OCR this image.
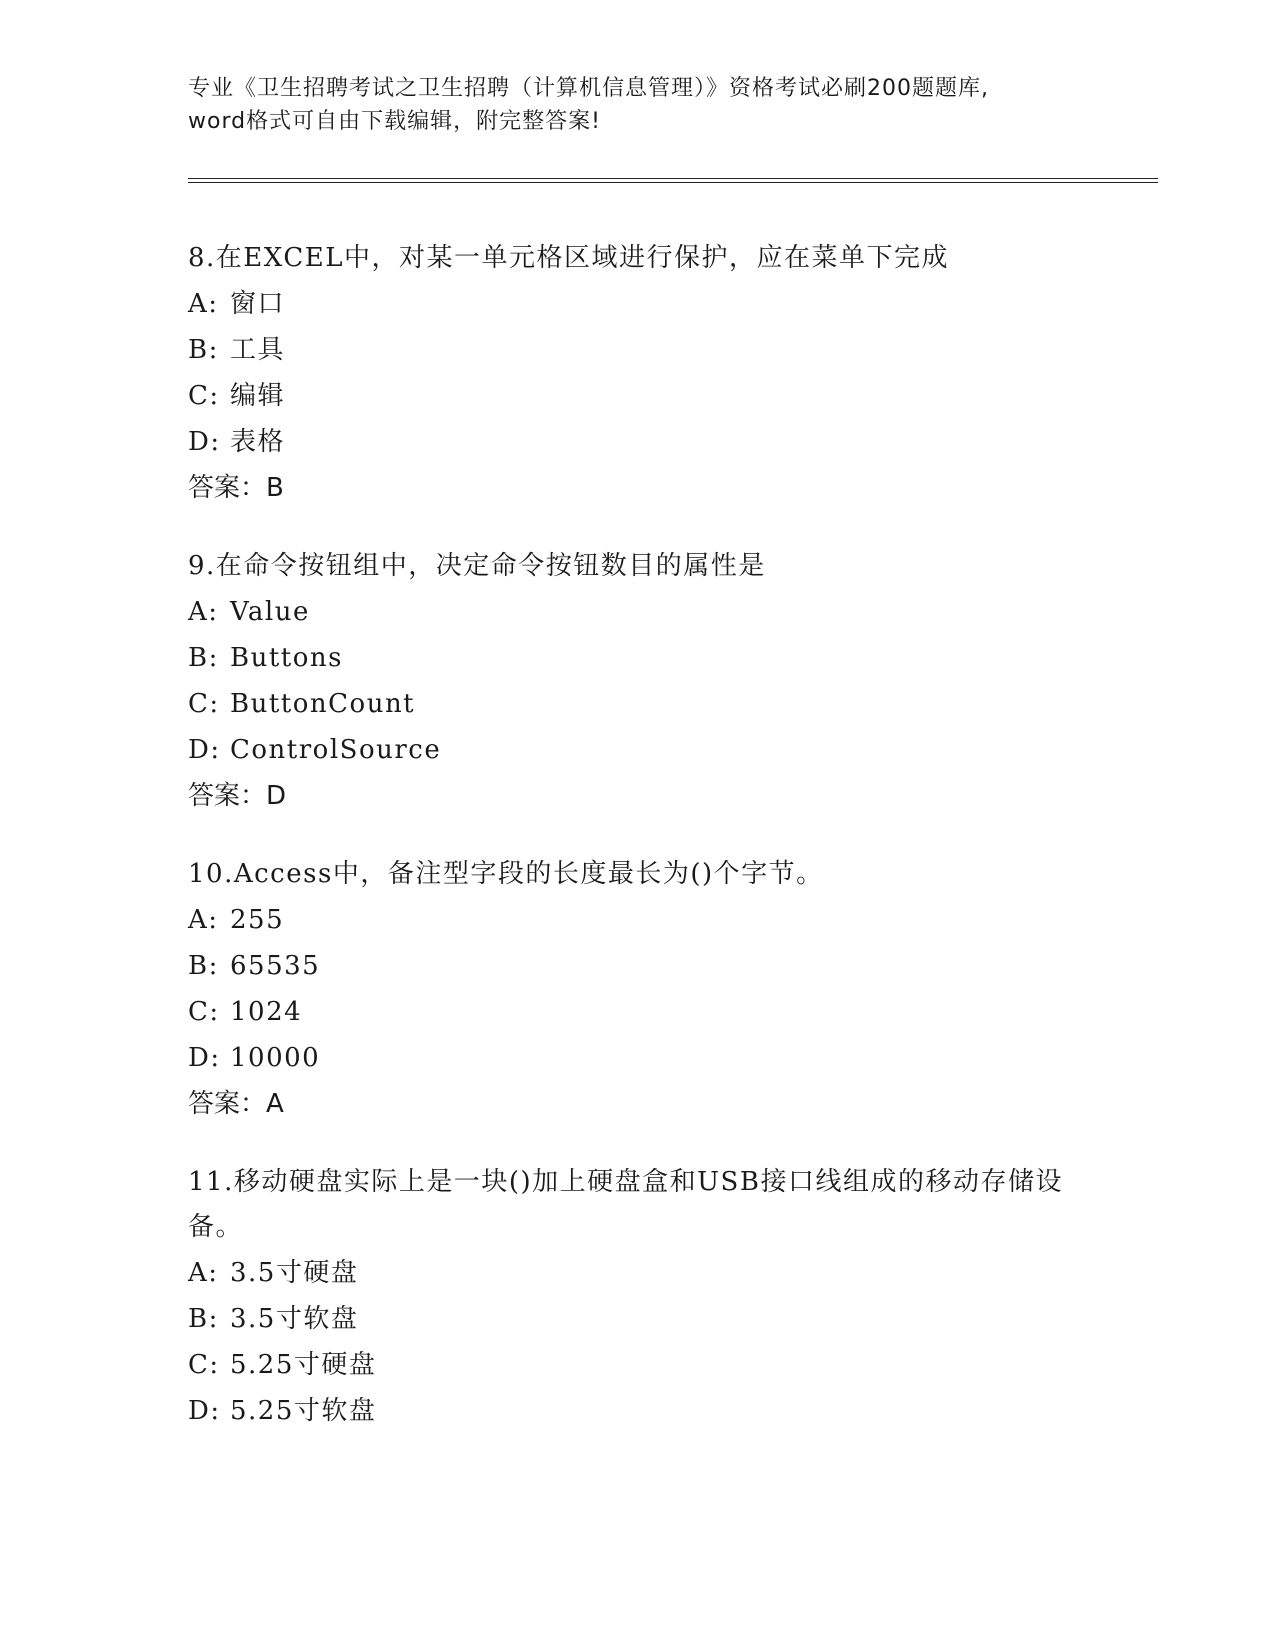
专业《卫生招聘考试之卫生招聘（计算机信息管理）》资格考试必刷200题题库,
word格式可自由下载编辑，附完整答案!

8.在EXCEL中，对某一单元格区域进行保护，应在菜单下完成

A: 窗口

B: 工具

C: 编辑

D: 表格

答案：B

9.在命令按钮组中，决定命令按钮数目的属性是

A: Value

B: Buttons

C: ButtonCount

D: ControlSource

答案：D

10.Access中，备注型字段的长度最长为()个字节。

A: 255

B: 65535

C: 1024

D: 10000

答案：A

11.移动硬盘实际上是一块()加上硬盘盒和USB接口线组成的移动存储设备。

A: 3.5寸硬盘

B: 3.5寸软盘

C: 5.25寸硬盘

D: 5.25寸软盘
